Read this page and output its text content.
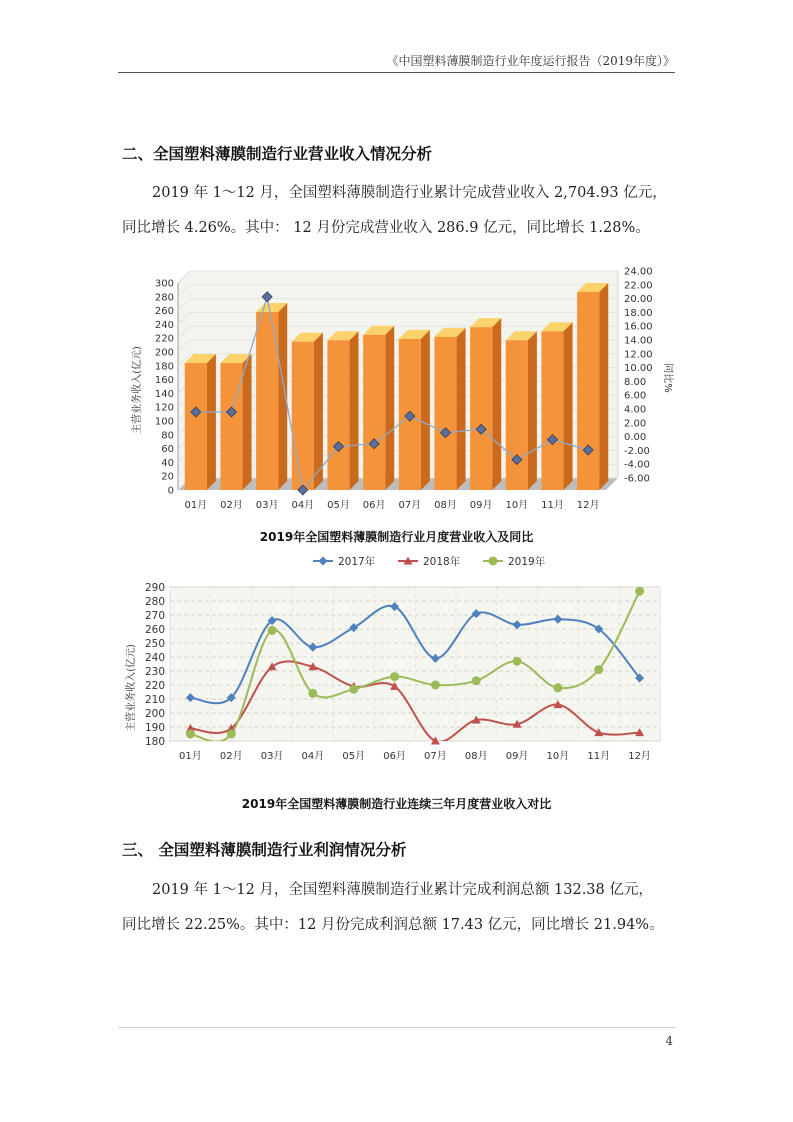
《中国塑料薄膜制造行业年度运行报告（2019年度）》
二、全国塑料薄膜制造行业营业收入情况分析

2019 年 1～12 月，全国塑料薄膜制造行业累计完成营业收入 2,704.93 亿元，

同比增长 4.26%。其中： 12 月份完成营业收入 286.9 亿元，同比增长 1.28%。

0
20
40
60
80
100
120
140
160
180
200
220
240
260
280
300
-6.00
-4.00
-2.00
0.00
2.00
4.00
6.00
8.00
10.00
12.00
14.00
16.00
18.00
20.00
22.00
24.00
01月 02月 03月 04月 05月 06月 07月 08月 09月 10月 11月 12月
主营业务收入(亿元)	同比%
2019年全国塑料薄膜制造行业月度营业收入及同比
2017年	2018年	2019年
180
190
200
210
220
230
240
250
260
270
280
290
01月 02月 03月 04月 05月 06月 07月 08月 09月 10月 11月 12月
主营业务收入(亿元)
2019年全国塑料薄膜制造行业连续三年月度营业收入对比
三、 全国塑料薄膜制造行业利润情况分析

2019 年 1～12 月，全国塑料薄膜制造行业累计完成利润总额 132.38 亿元，

同比增长 22.25%。其中：12 月份完成利润总额 17.43 亿元，同比增长 21.94%。

4
